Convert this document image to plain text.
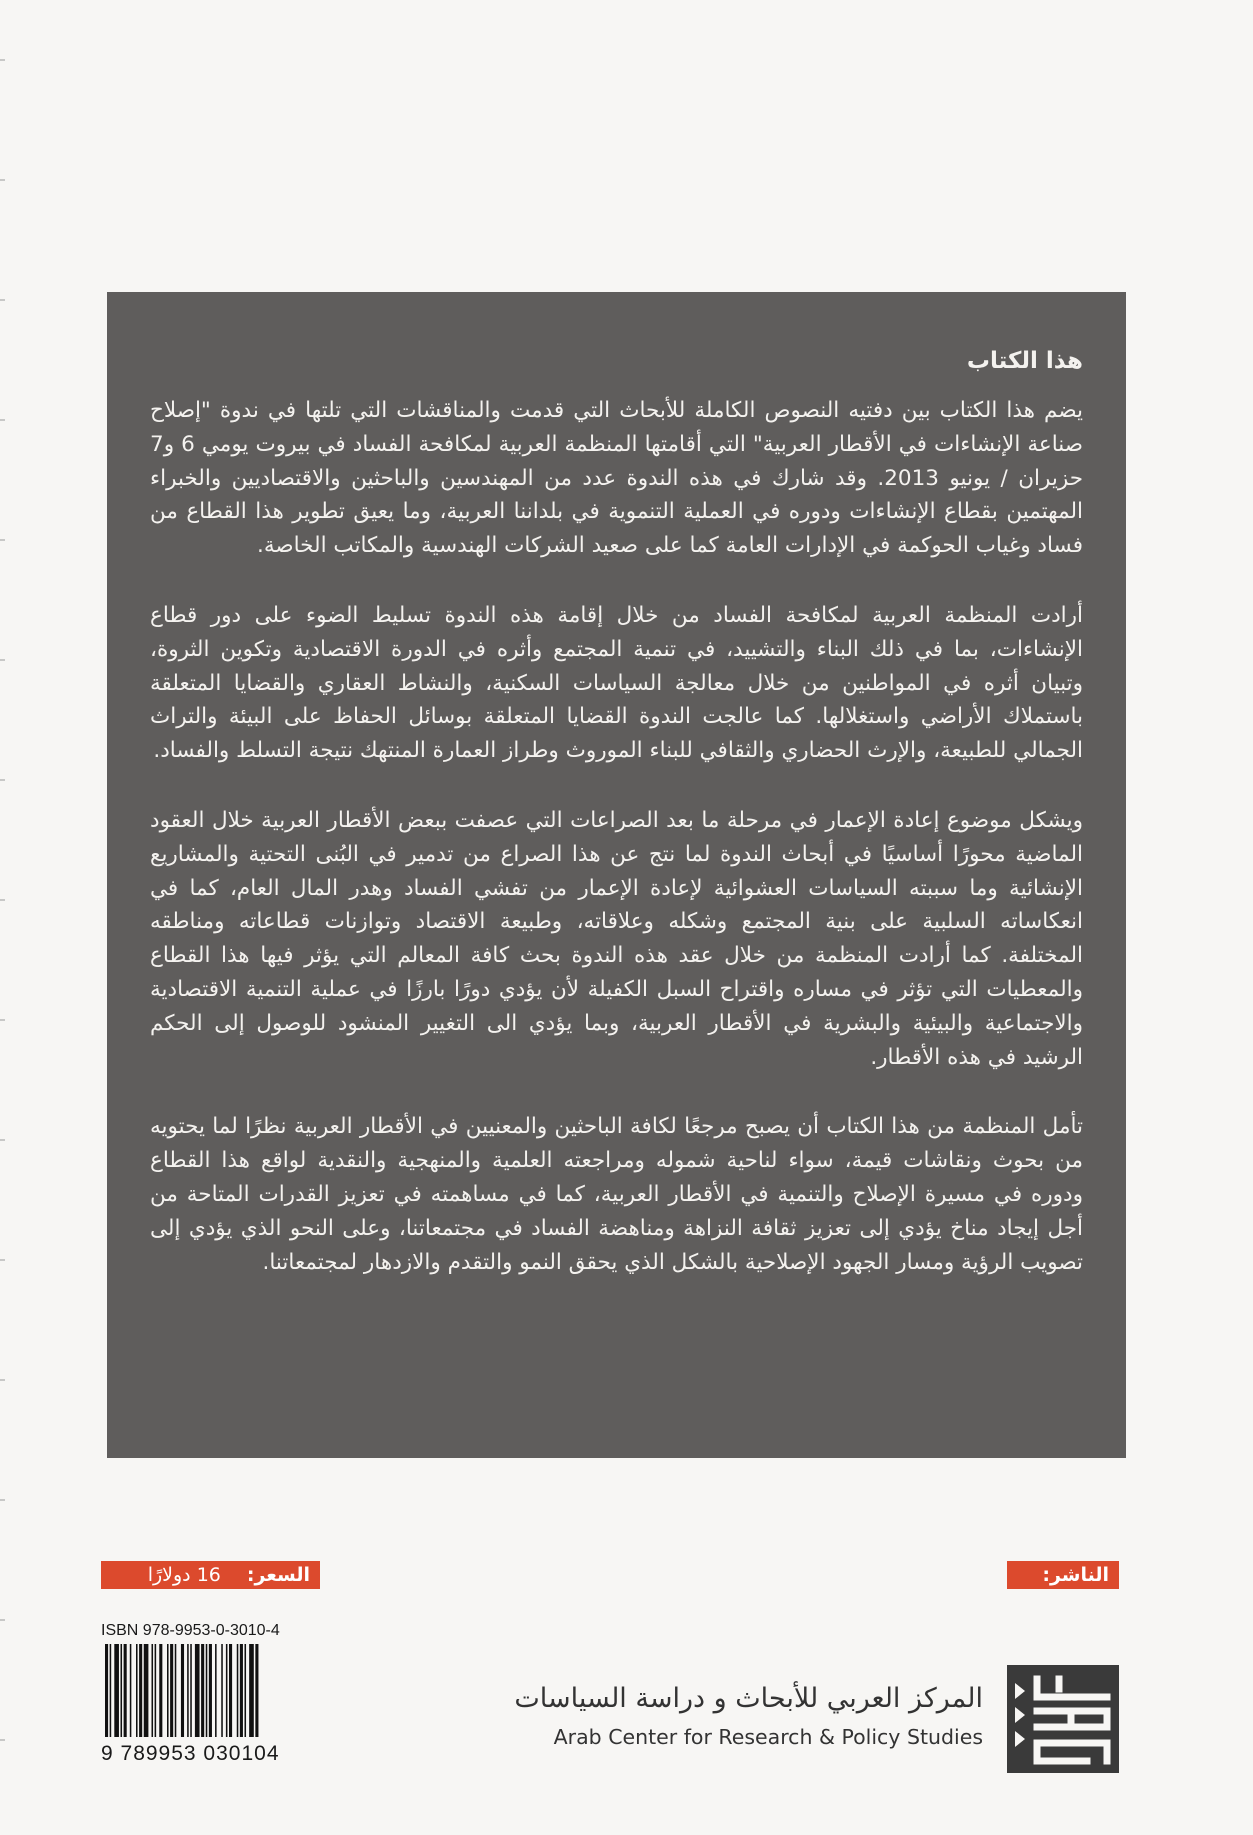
هذا الكتاب

يضم هذا الكتاب بين دفتيه النصوص الكاملة للأبحاث التي قدمت والمناقشات التي تلتها في ندوة "إصلاح صناعة الإنشاءات في الأقطار العربية" التي أقامتها المنظمة العربية لمكافحة الفساد في بيروت يومي 6 و7 حزيران / يونيو 2013. وقد شارك في هذه الندوة عدد من المهندسين والباحثين والاقتصاديين والخبراء المهتمين بقطاع الإنشاءات ودوره في العملية التنموية في بلداننا العربية، وما يعيق تطوير هذا القطاع من فساد وغياب الحوكمة في الإدارات العامة كما على صعيد الشركات الهندسية والمكاتب الخاصة.

أرادت المنظمة العربية لمكافحة الفساد من خلال إقامة هذه الندوة تسليط الضوء على دور قطاع الإنشاءات، بما في ذلك البناء والتشييد، في تنمية المجتمع وأثره في الدورة الاقتصادية وتكوين الثروة، وتبيان أثره في المواطنين من خلال معالجة السياسات السكنية، والنشاط العقاري والقضايا المتعلقة باستملاك الأراضي واستغلالها. كما عالجت الندوة القضايا المتعلقة بوسائل الحفاظ على البيئة والتراث الجمالي للطبيعة، والإرث الحضاري والثقافي للبناء الموروث وطراز العمارة المنتهك نتيجة التسلط والفساد.

ويشكل موضوع إعادة الإعمار في مرحلة ما بعد الصراعات التي عصفت ببعض الأقطار العربية خلال العقود الماضية محورًا أساسيًا في أبحاث الندوة لما نتج عن هذا الصراع من تدمير في البُنى التحتية والمشاريع الإنشائية وما سببته السياسات العشوائية لإعادة الإعمار من تفشي الفساد وهدر المال العام، كما في انعكاساته السلبية على بنية المجتمع وشكله وعلاقاته، وطبيعة الاقتصاد وتوازنات قطاعاته ومناطقه المختلفة. كما أرادت المنظمة من خلال عقد هذه الندوة بحث كافة المعالم التي يؤثر فيها هذا القطاع والمعطيات التي تؤثر في مساره واقتراح السبل الكفيلة لأن يؤدي دورًا بارزًا في عملية التنمية الاقتصادية والاجتماعية والبيئية والبشرية في الأقطار العربية، وبما يؤدي الى التغيير المنشود للوصول إلى الحكم الرشيد في هذه الأقطار.

تأمل المنظمة من هذا الكتاب أن يصبح مرجعًا لكافة الباحثين والمعنيين في الأقطار العربية نظرًا لما يحتويه من بحوث ونقاشات قيمة، سواء لناحية شموله ومراجعته العلمية والمنهجية والنقدية لواقع هذا القطاع ودوره في مسيرة الإصلاح والتنمية في الأقطار العربية، كما في مساهمته في تعزيز القدرات المتاحة من أجل إيجاد مناخ يؤدي إلى تعزيز ثقافة النزاهة ومناهضة الفساد في مجتمعاتنا، وعلى النحو الذي يؤدي إلى تصويب الرؤية ومسار الجهود الإصلاحية بالشكل الذي يحقق النمو والتقدم والازدهار لمجتمعاتنا.

السعر:16 دولارًا	الناشر:
ISBN 978-9953-0-3010-4
9 789953 030104
المركز العربي للأبحاث و دراسة السياسات
Arab Center for Research & Policy Studies
